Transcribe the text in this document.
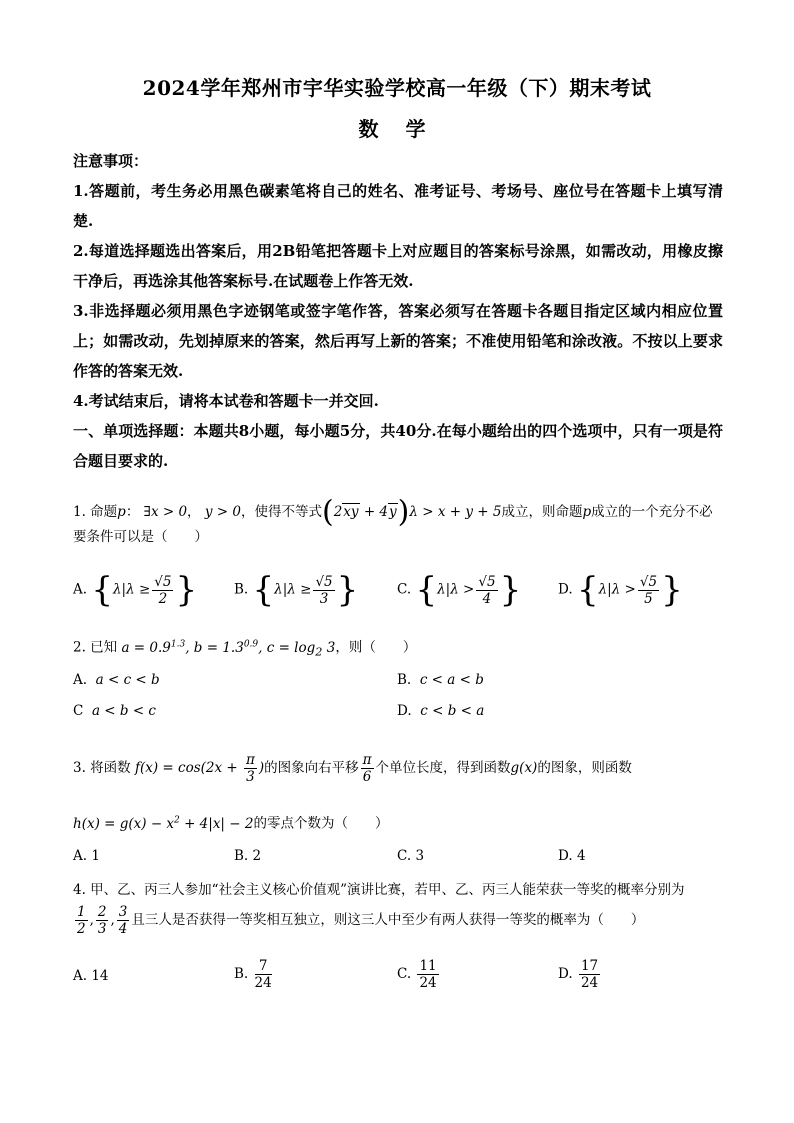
2024学年郑州市宇华实验学校高一年级（下）期末考试
数 学

注意事项：

1.答题前，考生务必用黑色碳素笔将自己的姓名、准考证号、考场号、座位号在答题卡上填写清楚.

2.每道选择题选出答案后，用2B铅笔把答题卡上对应题目的答案标号涂黑，如需改动，用橡皮擦干净后，再选涂其他答案标号.在试题卷上作答无效.

3.非选择题必须用黑色字迹钢笔或签字笔作答，答案必须写在答题卡各题目指定区域内相应位置上；如需改动，先划掉原来的答案，然后再写上新的答案；不准使用铅笔和涂改液。不按以上要求作答的答案无效.

4.考试结束后，请将本试卷和答题卡一并交回.

一、单项选择题：本题共8小题，每小题5分，共40分.在每小题给出的四个选项中，只有一项是符合题目要求的.

1. 命题p： ∃x > 0， y > 0，使得不等式(2xy + 4y)λ > x + y + 5成立，则命题p成立的一个充分不必要条件可以是（　　）
A. {$\lambda|\lambda \ge \frac{√5}{2}$ }	B. {$\lambda|\lambda \ge \frac{√5}{3}$ }	C. {$\lambda|\lambda > \frac{√5}{4}$ }	D. {$\lambda|\lambda > \frac{√5}{5}$ }
2. 已知 $a = 0.9^{1.3}$, $b = 1.3^{0.9}$, $c = \log_2 3$，则（　　）
A. a < c < b	B. c < a < b
C a < b < c	D. c < b < a
3. 将函数 $f(x) = \cos(2x + \frac{\pi}{3}$ )的图象向右平移 $\frac{\pi}{6}$ 个单位长度，得到函数g(x)的图象，则函数
$h(x) = g(x) - x^2 + 4|x| - 2$的零点个数为（　　）
A. 1	B. 2	C. 3	D. 4
4. 甲、乙、丙三人参加“社会主义核心价值观”演讲比赛，若甲、乙、丙三人能荣获一等奖的概率分别为
$\frac{1}{2}$ , $\frac{2}{3}$ , $\frac{3}{4}$ 且三人是否获得一等奖相互独立，则这三人中至少有两人获得一等奖的概率为（　　）
A. 14	B. $\frac{7}{24}$	C. $\frac{11}{24}$	D. $\frac{17}{24}$
